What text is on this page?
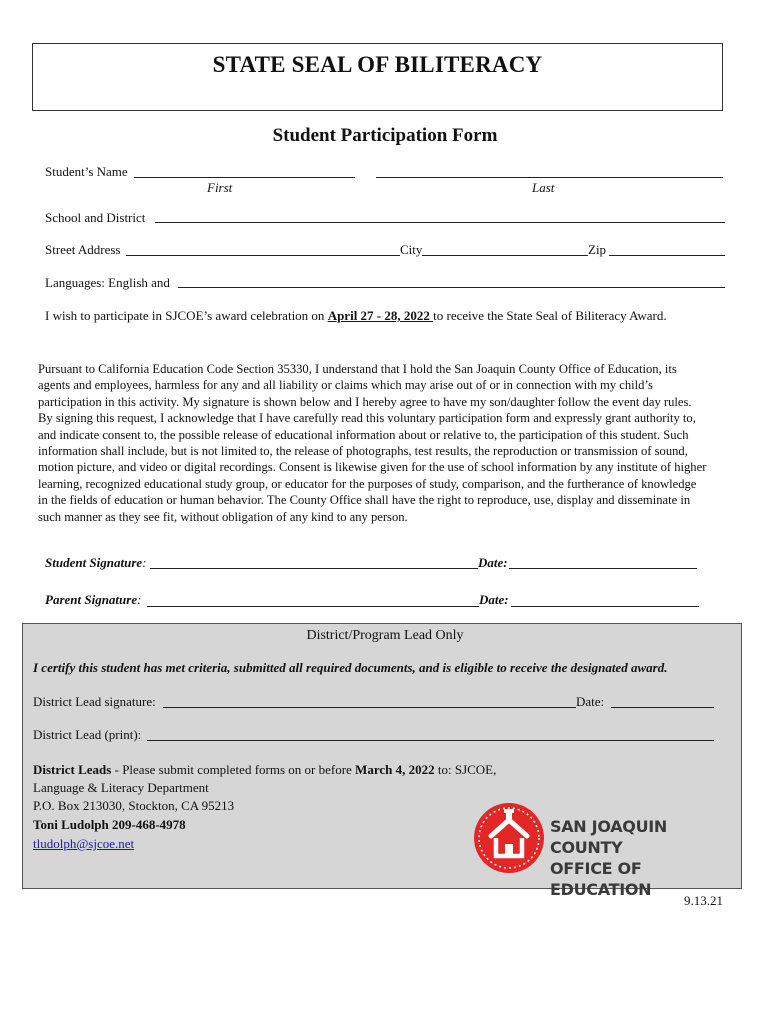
STATE SEAL OF BILITERACY
Student Participation Form
Student’s Name
First	Last
School and District
Street Address	City	Zip
Languages: English and
I wish to participate in SJCOE’s award celebration on April 27 - 28, 2022 to receive the State Seal of Biliteracy Award.
Pursuant to California Education Code Section 35330, I understand that I hold the San Joaquin County Office of Education, its agents and employees, harmless for any and all liability or claims which may arise out of or in connection with my child’s participation in this activity. My signature is shown below and I hereby agree to have my son/daughter follow the event day rules. By signing this request, I acknowledge that I have carefully read this voluntary participation form and expressly grant authority to, and indicate consent to, the possible release of educational information about or relative to, the participation of this student. Such information shall include, but is not limited to, the release of photographs, test results, the reproduction or transmission of sound, motion picture, and video or digital recordings. Consent is likewise given for the use of school information by any institute of higher learning, recognized educational study group, or educator for the purposes of study, comparison, and the furtherance of knowledge in the fields of education or human behavior. The County Office shall have the right to reproduce, use, display and disseminate in such manner as they see fit, without obligation of any kind to any person.
Student Signature:	Date:
Parent Signature:	Date:
District/Program Lead Only
I certify this student has met criteria, submitted all required documents, and is eligible to receive the designated award.
District Lead signature:	Date:
District Lead (print):
District Leads - Please submit completed forms on or before March 4, 2022 to: SJCOE,
Language & Literacy Department
P.O. Box 213030, Stockton, CA 95213
Toni Ludolph 209-468-4978
tludolph@sjcoe.net
SAN JOAQUIN COUNTY
OFFICE OF EDUCATION
9.13.21
